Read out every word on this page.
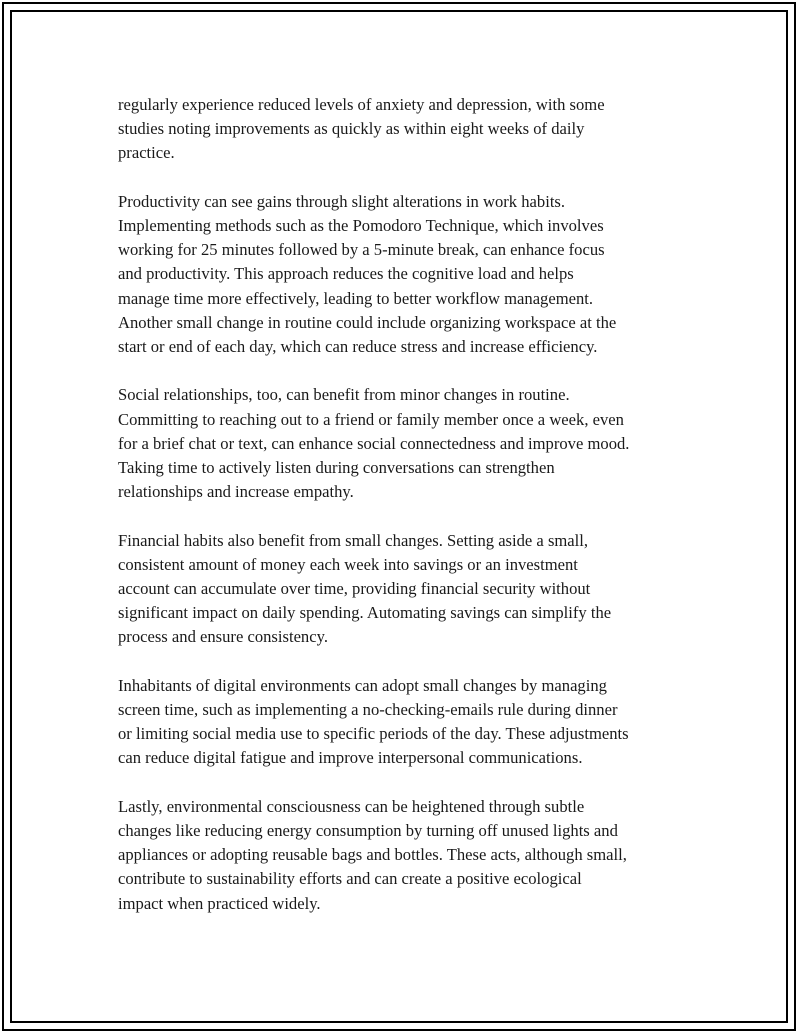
regularly experience reduced levels of anxiety and depression, with some
studies noting improvements as quickly as within eight weeks of daily
practice.

Productivity can see gains through slight alterations in work habits.
Implementing methods such as the Pomodoro Technique, which involves
working for 25 minutes followed by a 5-minute break, can enhance focus
and productivity. This approach reduces the cognitive load and helps
manage time more effectively, leading to better workflow management.
Another small change in routine could include organizing workspace at the
start or end of each day, which can reduce stress and increase efficiency.

Social relationships, too, can benefit from minor changes in routine.
Committing to reaching out to a friend or family member once a week, even
for a brief chat or text, can enhance social connectedness and improve mood.
Taking time to actively listen during conversations can strengthen
relationships and increase empathy.

Financial habits also benefit from small changes. Setting aside a small,
consistent amount of money each week into savings or an investment
account can accumulate over time, providing financial security without
significant impact on daily spending. Automating savings can simplify the
process and ensure consistency.

Inhabitants of digital environments can adopt small changes by managing
screen time, such as implementing a no-checking-emails rule during dinner
or limiting social media use to specific periods of the day. These adjustments
can reduce digital fatigue and improve interpersonal communications.

Lastly, environmental consciousness can be heightened through subtle
changes like reducing energy consumption by turning off unused lights and
appliances or adopting reusable bags and bottles. These acts, although small,
contribute to sustainability efforts and can create a positive ecological
impact when practiced widely.
